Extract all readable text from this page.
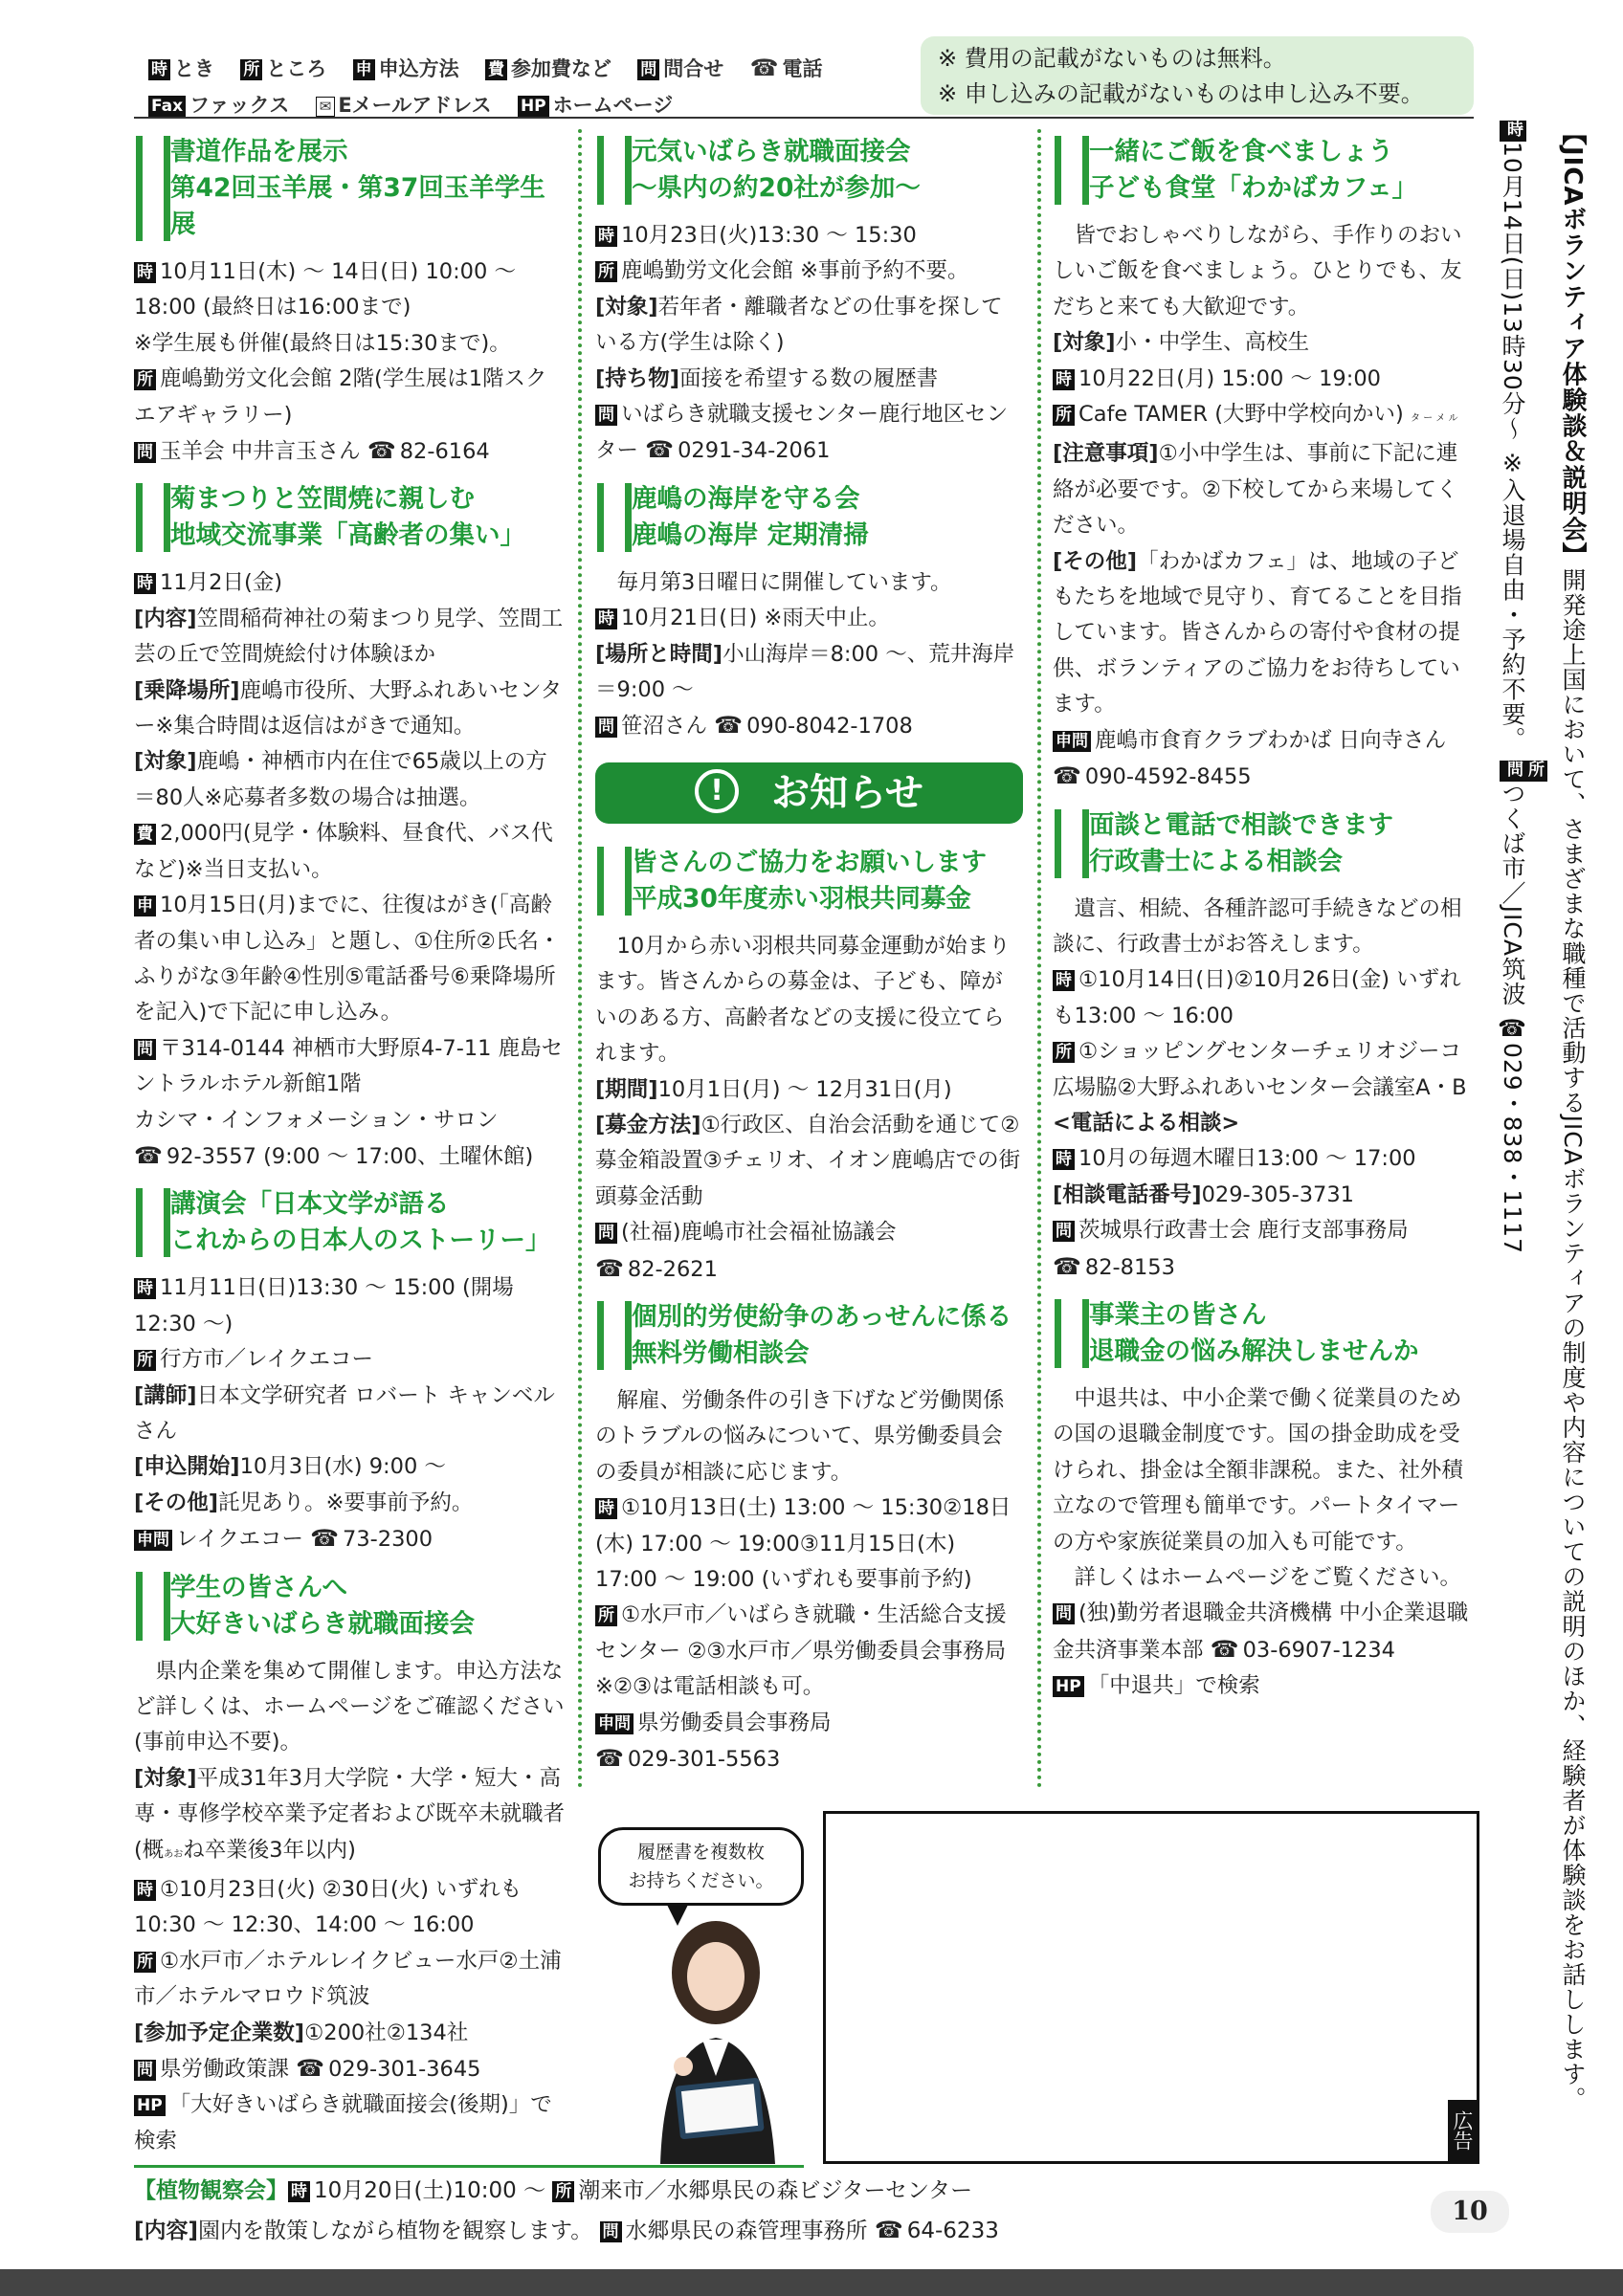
時 とき 所 ところ 申 申込方法 費 参加費など 問 問合せ ☎ 電話
Fax ファックス ✉ Eメールアドレス HP ホームページ
※ 費用の記載がないものは無料。
※ 申し込みの記載がないものは申し込み不要。
書道作品を展示
第42回玉羊展・第37回玉羊学生展

時 10月11日(木) ～ 14日(日) 10:00 ～ 18:00 (最終日は16:00まで)

※学生展も併催(最終日は15:30まで)。

所 鹿嶋勤労文化会館 2階(学生展は1階スクエアギャラリー)

問 玉羊会 中井言玉さん ☎ 82-6164

菊まつりと笠間焼に親しむ
地域交流事業「高齢者の集い」

時 11月2日(金)

[内容]笠間稲荷神社の菊まつり見学、笠間工芸の丘で笠間焼絵付け体験ほか

[乗降場所]鹿嶋市役所、大野ふれあいセンター※集合時間は返信はがきで通知。

[対象]鹿嶋・神栖市内在住で65歳以上の方＝80人※応募者多数の場合は抽選。

費 2,000円(見学・体験料、昼食代、バス代など)※当日支払い。

申 10月15日(月)までに、往復はがき(「高齢者の集い申し込み」と題し、①住所②氏名・ふりがな③年齢④性別⑤電話番号⑥乗降場所を記入)で下記に申し込み。

問 〒314-0144 神栖市大野原4-7-11 鹿島セントラルホテル新館1階

カシマ・インフォメーション・サロン

☎ 92-3557 (9:00 ～ 17:00、土曜休館)

講演会「日本文学が語る
これからの日本人のストーリー」

時 11月11日(日)13:30 ～ 15:00 (開場12:30 ～)

所 行方市／レイクエコー

[講師]日本文学研究者 ロバート キャンベルさん

[申込開始]10月3日(水) 9:00 ～

[その他]託児あり。※要事前予約。

申問 レイクエコー ☎ 73-2300

学生の皆さんへ
大好きいばらき就職面接会

県内企業を集めて開催します。申込方法など詳しくは、ホームページをご確認ください(事前申込不要)。

[対象]平成31年3月大学院・大学・短大・高専・専修学校卒業予定者および既卒未就職者(概あおね卒業後3年以内)

時 ①10月23日(火) ②30日(火) いずれも10:30 ～ 12:30、14:00 ～ 16:00

所 ①水戸市／ホテルレイクビュー水戸②土浦市／ホテルマロウド筑波

[参加予定企業数]①200社②134社

問 県労働政策課 ☎ 029-301-3645

HP 「大好きいばらき就職面接会(後期)」で検索

元気いばらき就職面接会
～県内の約20社が参加～

時 10月23日(火)13:30 ～ 15:30

所 鹿嶋勤労文化会館 ※事前予約不要。

[対象]若年者・離職者などの仕事を探している方(学生は除く)

[持ち物]面接を希望する数の履歴書

問 いばらき就職支援センター鹿行地区センター ☎ 0291-34-2061

鹿嶋の海岸を守る会
鹿嶋の海岸 定期清掃

毎月第3日曜日に開催しています。

時 10月21日(日) ※雨天中止。

[場所と時間]小山海岸＝8:00 ～、荒井海岸＝9:00 ～

問 笹沼さん ☎ 090-8042-1708

! お知らせ
皆さんのご協力をお願いします
平成30年度赤い羽根共同募金

10月から赤い羽根共同募金運動が始まります。皆さんからの募金は、子ども、障がいのある方、高齢者などの支援に役立てられます。

[期間]10月1日(月) ～ 12月31日(月)

[募金方法]①行政区、自治会活動を通じて②募金箱設置③チェリオ、イオン鹿嶋店での街頭募金活動

問 (社福)鹿嶋市社会福祉協議会

☎ 82-2621

個別的労使紛争のあっせんに係る
無料労働相談会

解雇、労働条件の引き下げなど労働関係のトラブルの悩みについて、県労働委員会の委員が相談に応じます。

時 ①10月13日(土) 13:00 ～ 15:30②18日(木) 17:00 ～ 19:00③11月15日(木) 17:00 ～ 19:00 (いずれも要事前予約)

所 ①水戸市／いばらき就職・生活総合支援センター ②③水戸市／県労働委員会事務局 ※②③は電話相談も可。

申問 県労働委員会事務局

☎ 029-301-5563

一緒にご飯を食べましょう
子ども食堂「わかばカフェ」

皆でおしゃべりしながら、手作りのおいしいご飯を食べましょう。ひとりでも、友だちと来ても大歓迎です。

[対象]小・中学生、高校生

時 10月22日(月) 15:00 ～ 19:00

所 Cafe TAMER (大野中学校向かい) タ ー メ ル

[注意事項]①小中学生は、事前に下記に連絡が必要です。②下校してから来場してください。

[その他]「わかばカフェ」は、地域の子どもたちを地域で見守り、育てることを目指しています。皆さんからの寄付や食材の提供、ボランティアのご協力をお待ちしています。

申問 鹿嶋市食育クラブわかば 日向寺さん ☎ 090-4592-8455

面談と電話で相談できます
行政書士による相談会

遺言、相続、各種許認可手続きなどの相談に、行政書士がお答えします。

時 ①10月14日(日)②10月26日(金) いずれも13:00 ～ 16:00

所 ①ショッピングセンターチェリオジーコ広場脇②大野ふれあいセンター会議室A・B

<電話による相談>

時 10月の毎週木曜日13:00 ～ 17:00

[相談電話番号]029-305-3731

問 茨城県行政書士会 鹿行支部事務局

☎ 82-8153

事業主の皆さん
退職金の悩み解決しませんか

中退共は、中小企業で働く従業員のための国の退職金制度です。国の掛金助成を受けられ、掛金は全額非課税。また、社外積立なので管理も簡単です。パートタイマーの方や家族従業員の加入も可能です。

詳しくはホームページをご覧ください。

問 (独)勤労者退職金共済機構 中小企業退職金共済事業本部 ☎ 03-6907-1234

HP 「中退共」で検索

【JICAボランティア体験談＆説明会】開発途上国において、さまざまな職種で活動するJICAボランティアの制度や内容についての説明のほか、経験者が体験談をお話しします。
時10月14日(日)13時30分～ ※入退場自由・予約不要。 所問つくば市／JICA筑波 ☎029・838・1117
履歴書を複数枚
お持ちください。
広告
【植物観察会】 時 10月20日(土)10:00 ～ 所 潮来市／水郷県民の森ビジターセンター
[内容]園内を散策しながら植物を観察します。 問 水郷県民の森管理事務所 ☎ 64-6233
10
